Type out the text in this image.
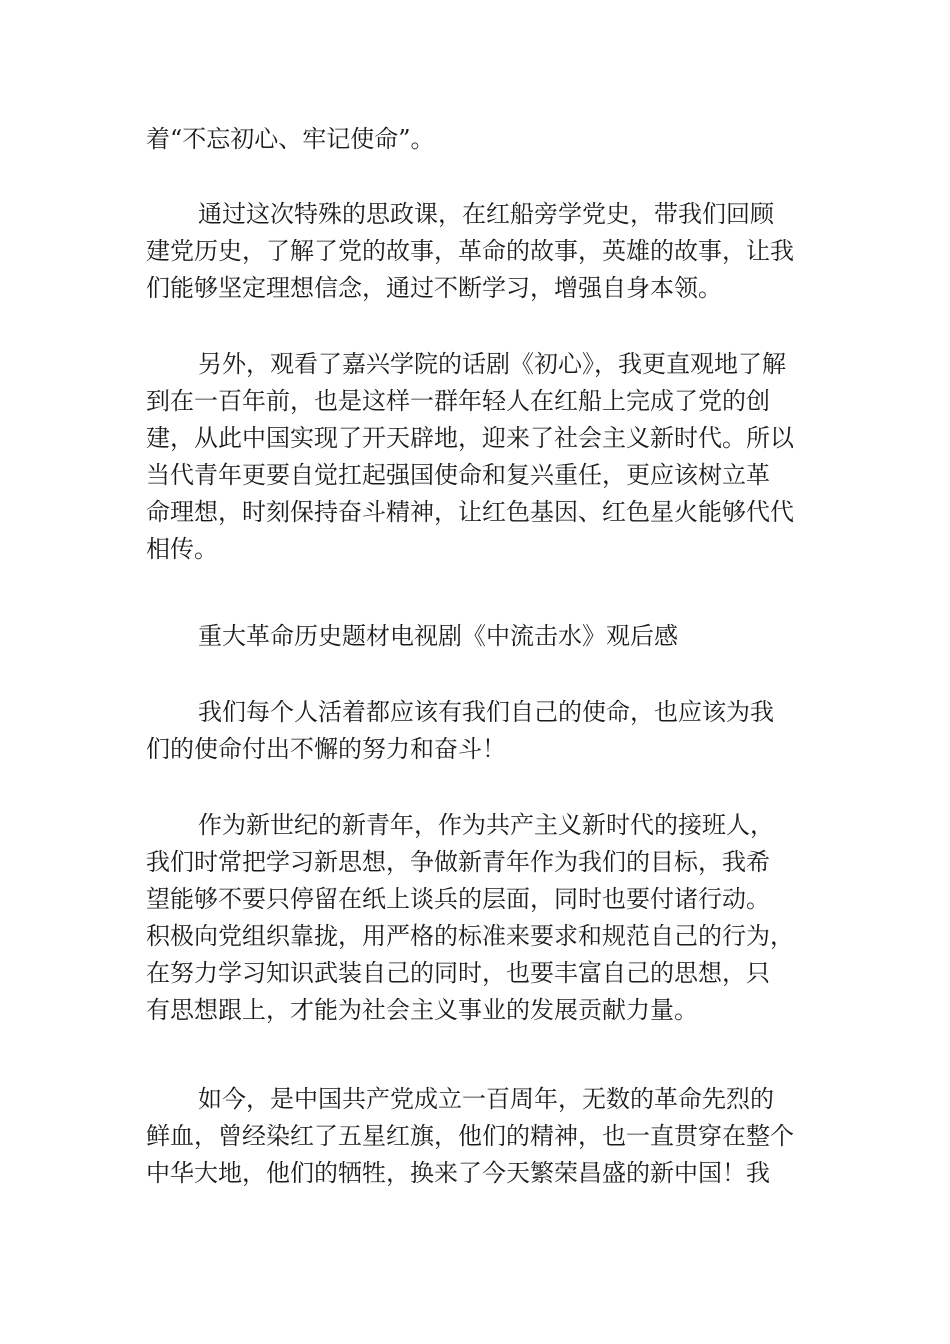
着“不忘初心、牢记使命”。
通过这次特殊的思政课，在红船旁学党史，带我们回顾
建党历史，了解了党的故事，革命的故事，英雄的故事，让我
们能够坚定理想信念，通过不断学习，增强自身本领。
另外，观看了嘉兴学院的话剧《初心》，我更直观地了解
到在一百年前，也是这样一群年轻人在红船上完成了党的创
建，从此中国实现了开天辟地，迎来了社会主义新时代。所以
当代青年更要自觉扛起强国使命和复兴重任，更应该树立革
命理想，时刻保持奋斗精神，让红色基因、红色星火能够代代
相传。
重大革命历史题材电视剧《中流击水》观后感
我们每个人活着都应该有我们自己的使命，也应该为我
们的使命付出不懈的努力和奋斗！
作为新世纪的新青年，作为共产主义新时代的接班人，
我们时常把学习新思想，争做新青年作为我们的目标，我希
望能够不要只停留在纸上谈兵的层面，同时也要付诸行动。
积极向党组织靠拢，用严格的标准来要求和规范自己的行为，
在努力学习知识武装自己的同时，也要丰富自己的思想，只
有思想跟上，才能为社会主义事业的发展贡献力量。
如今，是中国共产党成立一百周年，无数的革命先烈的
鲜血，曾经染红了五星红旗，他们的精神，也一直贯穿在整个
中华大地，他们的牺牲，换来了今天繁荣昌盛的新中国！我
